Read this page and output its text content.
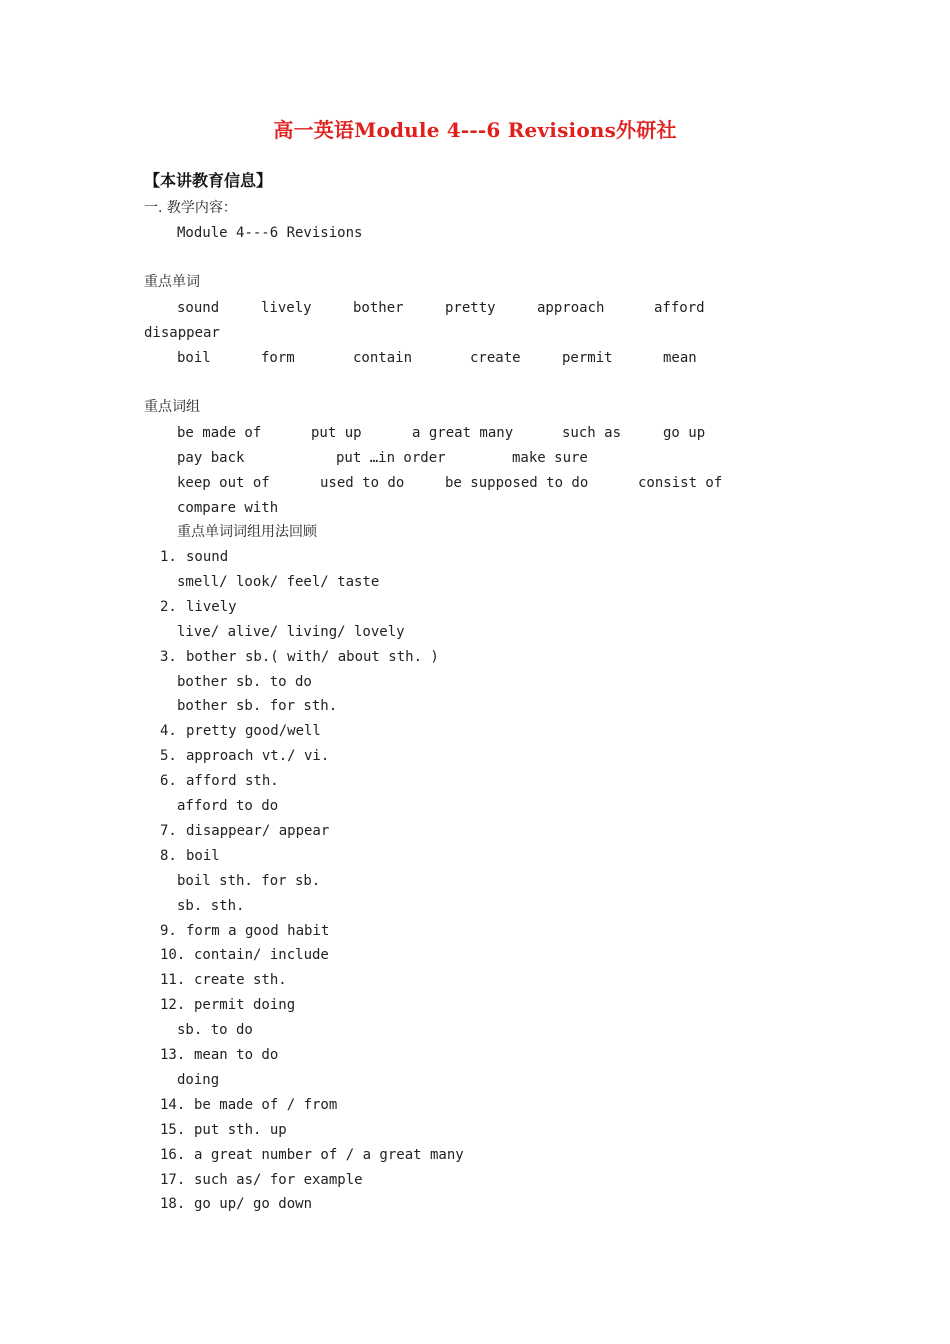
高一英语Module 4---6 Revisions外研社
【本讲教育信息】
一. 教学内容：
Module 4---6 Revisions
重点单词
sound	lively	bother	pretty	approach	afford
disappear
boil	form	contain	create	permit	mean
重点词组
be made of	put up	a great many	such as	go up
pay back	put …in order	make sure
keep out of	used to do	be supposed to do	consist of
compare with
重点单词词组用法回顾
1. sound
smell/ look/ feel/ taste
2. lively
live/ alive/ living/ lovely
3. bother sb.( with/ about sth. )
bother sb. to do
bother sb. for sth.
4. pretty good/well
5. approach vt./ vi.
6. afford sth.
afford to do
7. disappear/ appear
8. boil
boil sth. for sb.
sb. sth.
9. form a good habit
10. contain/ include
11. create sth.
12. permit doing
sb. to do
13. mean to do
doing
14. be made of / from
15. put sth. up
16. a great number of / a great many
17. such as/ for example
18. go up/ go down
